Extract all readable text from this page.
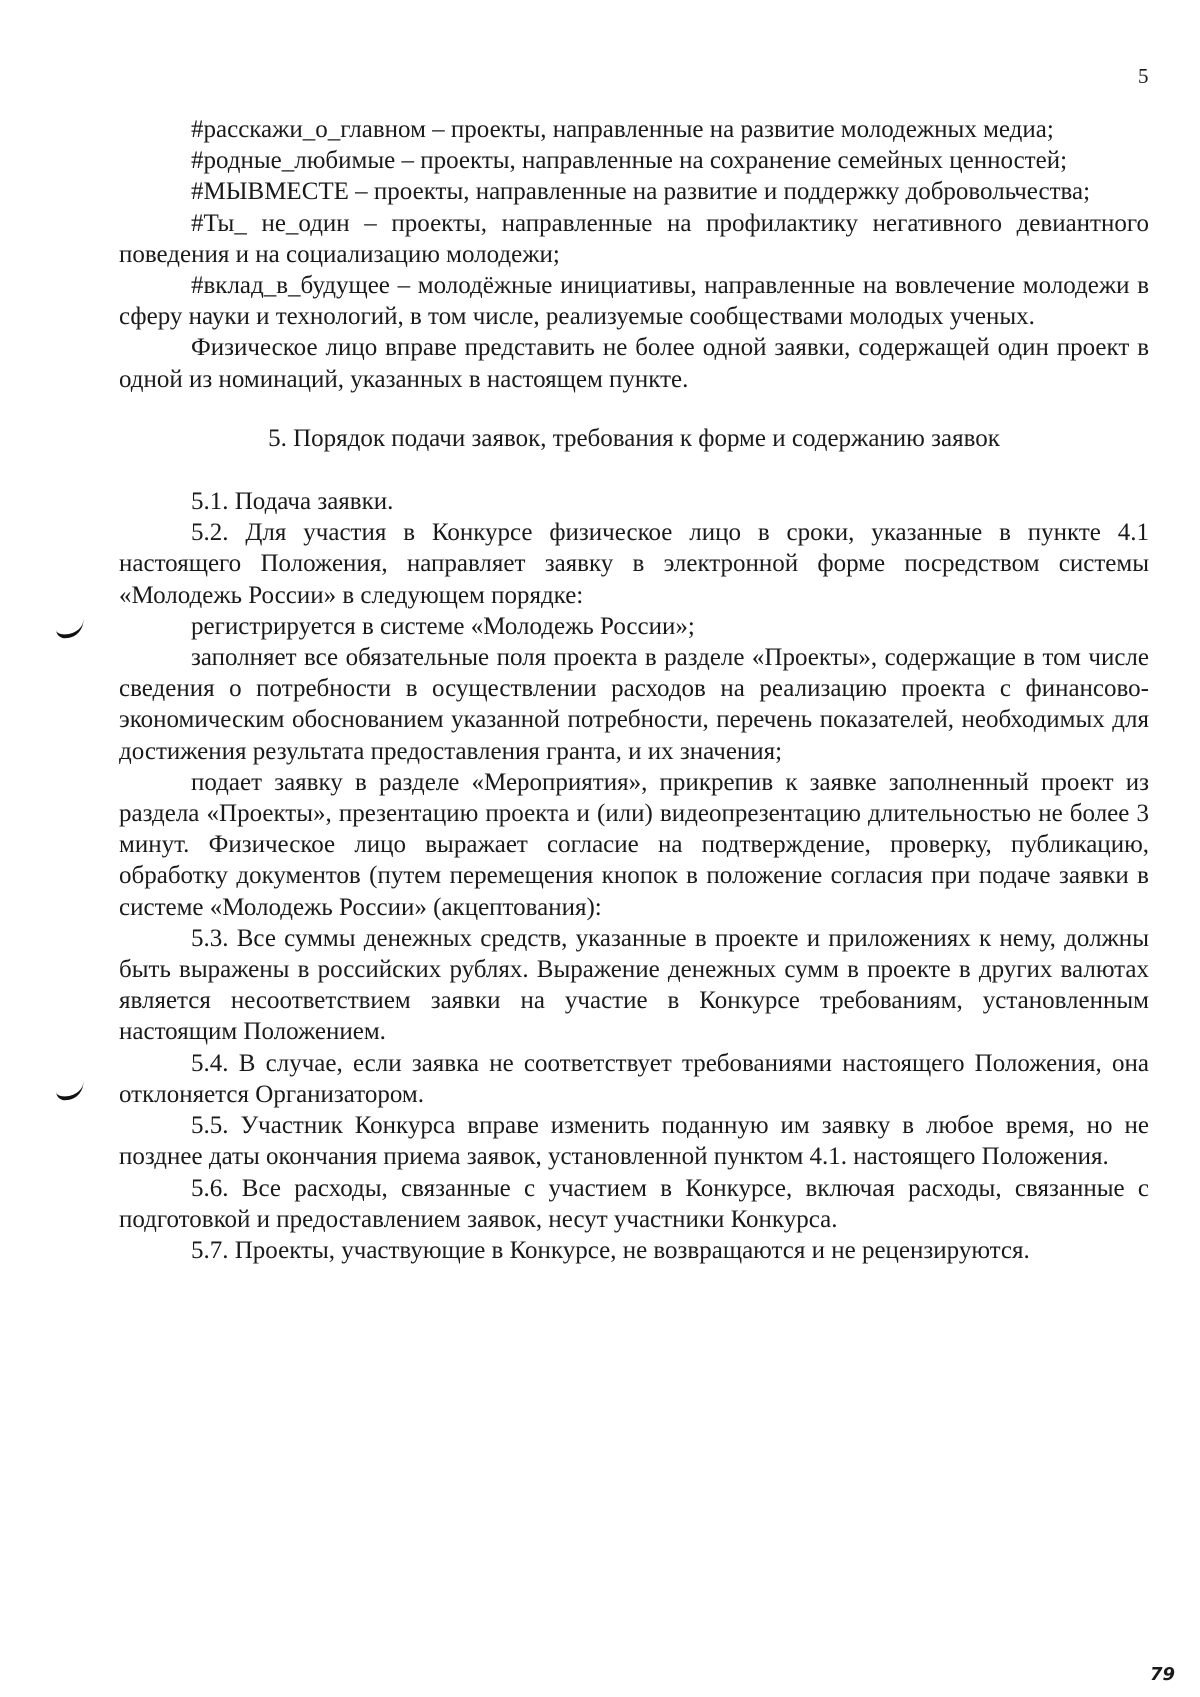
5

#расскажи_о_главном – проекты, направленные на развитие молодежных медиа;

#родные_любимые – проекты, направленные на сохранение семейных ценностей;

#МЫВМЕСТЕ – проекты, направленные на развитие и поддержку добровольчества;

#Ты_ не_один – проекты, направленные на профилактику негативного девиантного поведения и на социализацию молодежи;

#вклад_в_будущее – молодёжные инициативы, направленные на вовлечение молодежи в сферу науки и технологий, в том числе, реализуемые сообществами молодых ученых.

Физическое лицо вправе представить не более одной заявки, содержащей один проект в одной из номинаций, указанных в настоящем пункте.

5. Порядок подачи заявок, требования к форме и содержанию заявок

5.1. Подача заявки.

5.2. Для участия в Конкурсе физическое лицо в сроки, указанные в пункте 4.1 настоящего Положения, направляет заявку в электронной форме посредством системы «Молодежь России» в следующем порядке:

регистрируется в системе «Молодежь России»;

заполняет все обязательные поля проекта в разделе «Проекты», содержащие в том числе сведения о потребности в осуществлении расходов на реализацию проекта с финансово-экономическим обоснованием указанной потребности, перечень показателей, необходимых для достижения результата предоставления гранта, и их значения;

подает заявку в разделе «Мероприятия», прикрепив к заявке заполненный проект из раздела «Проекты», презентацию проекта и (или) видеопрезентацию длительностью не более 3 минут. Физическое лицо выражает согласие на подтверждение, проверку, публикацию, обработку документов (путем перемещения кнопок в положение согласия при подаче заявки в системе «Молодежь России» (акцептования):

5.3. Все суммы денежных средств, указанные в проекте и приложениях к нему, должны быть выражены в российских рублях. Выражение денежных сумм в проекте в других валютах является несоответствием заявки на участие в Конкурсе требованиям, установленным настоящим Положением.

5.4. В случае, если заявка не соответствует требованиями настоящего Положения, она отклоняется Организатором.

5.5. Участник Конкурса вправе изменить поданную им заявку в любое время, но не позднее даты окончания приема заявок, установленной пунктом 4.1. настоящего Положения.

5.6. Все расходы, связанные с участием в Конкурсе, включая расходы, связанные с подготовкой и предоставлением заявок, несут участники Конкурса.

5.7. Проекты, участвующие в Конкурсе, не возвращаются и не рецензируются.

79
